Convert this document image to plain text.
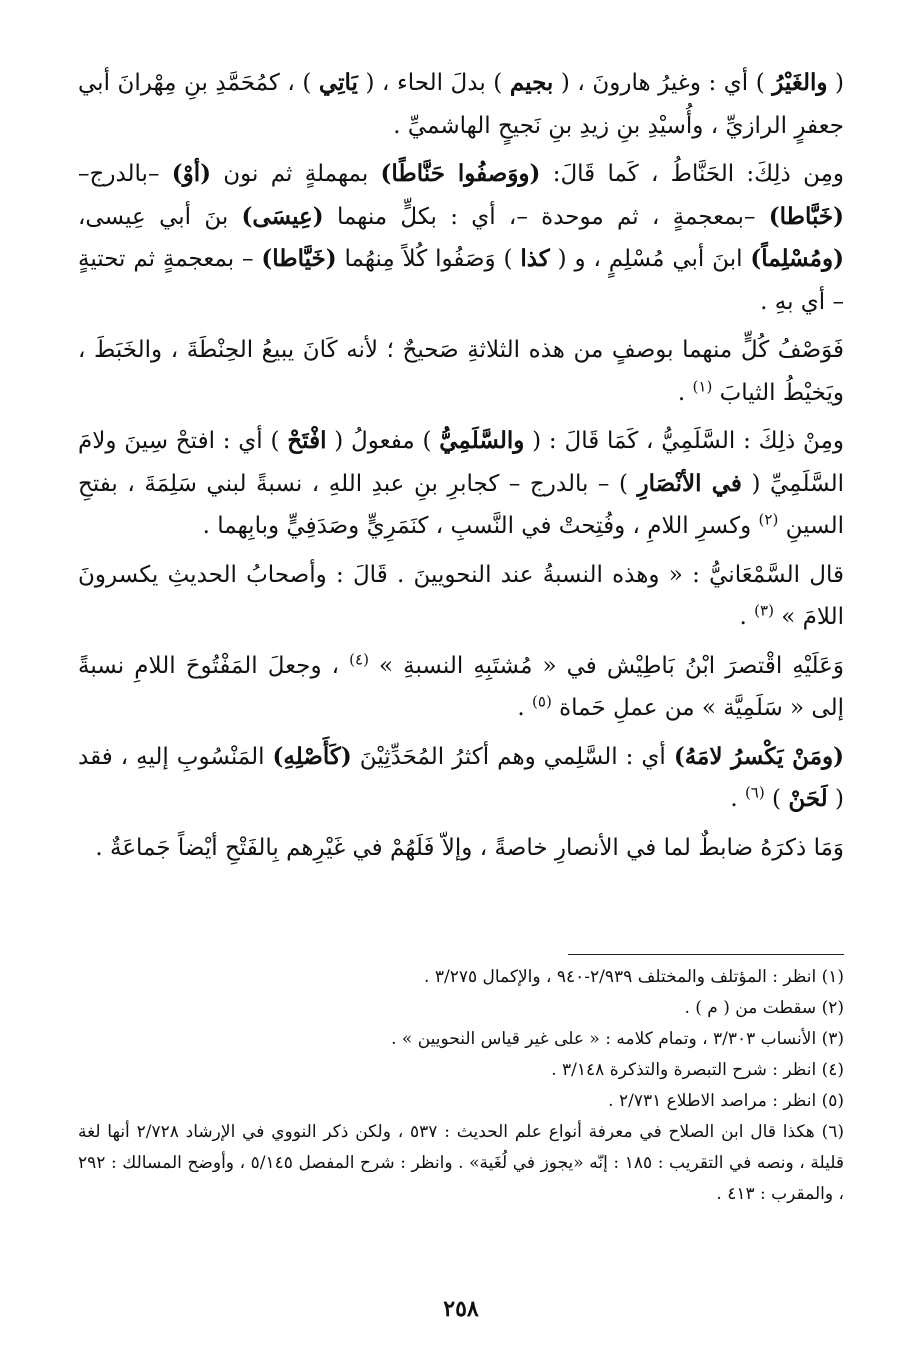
( والغَيْرُ ) أي : وغيرُ هارونَ ، ( بجيم ) بدلَ الحاء ، ( يَاتِي ) ، كمُحَمَّدِ بنِ مِهْرانَ أبي جعفرٍ الرازيِّ ، وأُسيْدِ بنِ زيدِ بنِ نَجيحٍ الهاشميِّ .

ومِن ذلِكَ: الحَنَّاطُ ، كَما قَالَ: (ووَصفُوا حَنَّاطًا) بمهملةٍ ثم نون (أوْ) –بالدرج– (خَبَّاطا) –بمعجمةٍ ، ثم موحدة –، أي : بكلٍّ منهما (عِيسَى) بنَ أبي عِيسى، (ومُسْلِماً) ابنَ أبي مُسْلِمٍ ، و ( كذا ) وَصَفُوا كُلاً مِنهُما (خَيَّاطا) – بمعجمةٍ ثم تحتيةٍ – أي بهِ .

فَوَصْفُ كُلٍّ منهما بوصفٍ من هذه الثلاثةِ صَحيحٌ ؛ لأنه كَانَ يبيعُ الحِنْطَةَ ، والخَبَطَ ، ويَخيْطُ الثيابَ $^{(١)}$ .

ومِنْ ذلِكَ : السَّلَمِيُّ ، كَمَا قَالَ : ( والسَّلَمِيُّ ) مفعولُ ( افْتَحْ ) أي : افتحْ سِينَ ولامَ السَّلَمِيِّ ( في الأنْصَارِ ) – بالدرج – كجابرِ بنِ عبدِ اللهِ ، نسبةً لبني سَلِمَةَ ، بفتحِ السينِ $^{(٢)}$ وكسرِ اللامِ ، وفُتِحتْ في النَّسبِ ، كنَمَرِيٍّ وصَدَفِيٍّ وبابِهما .

قال السَّمْعَانيُّ : « وهذه النسبةُ عند النحويينَ . قَالَ : وأصحابُ الحديثِ يكسرونَ اللامَ » $^{(٣)}$ .

وَعَلَيْهِ اقْتصرَ ابْنُ بَاطِيْش في « مُشتَبِهِ النسبةِ » $^{(٤)}$ ، وجعلَ المَفْتُوحَ اللامِ نسبةً إلى « سَلَمِيَّة » من عملِ حَماة $^{(٥)}$ .

(ومَنْ يَكْسرُ لامَهُ) أي : السَّلِمي وهم أكثرُ المُحَدِّثِيْنَ (كَأَصْلِهِ) المَنْسُوبِ إليهِ ، فقد ( لَحَنْ ) $^{(٦)}$ .

وَمَا ذكرَهُ ضابطٌ لما في الأنصارِ خاصةً ، وإلاّ فَلَهُمْ في غَيْرِهم بِالفَتْحِ أيْضاً جَماعَةٌ .

(١) انظر : المؤتلف والمختلف ٢/٩٣٩-٩٤٠ ، والإكمال ٣/٢٧٥ .

(٢) سقطت من ( م ) .

(٣) الأنساب ٣/٣٠٣ ، وتمام كلامه : « على غير قياس النحويين » .

(٤) انظر : شرح التبصرة والتذكرة ٣/١٤٨ .

(٥) انظر : مراصد الاطلاع ٢/٧٣١ .

(٦) هكذا قال ابن الصلاح في معرفة أنواع علم الحديث : ٥٣٧ ، ولكن ذكر النووي في الإرشاد ٢/٧٢٨ أنها لغة قليلة ، ونصه في التقريب : ١٨٥ : إنّه «يجوز في لُغَية» . وانظر : شرح المفصل ٥/١٤٥ ، وأوضح المسالك : ٢٩٢ ، والمقرب : ٤١٣ .

٢٥٨
